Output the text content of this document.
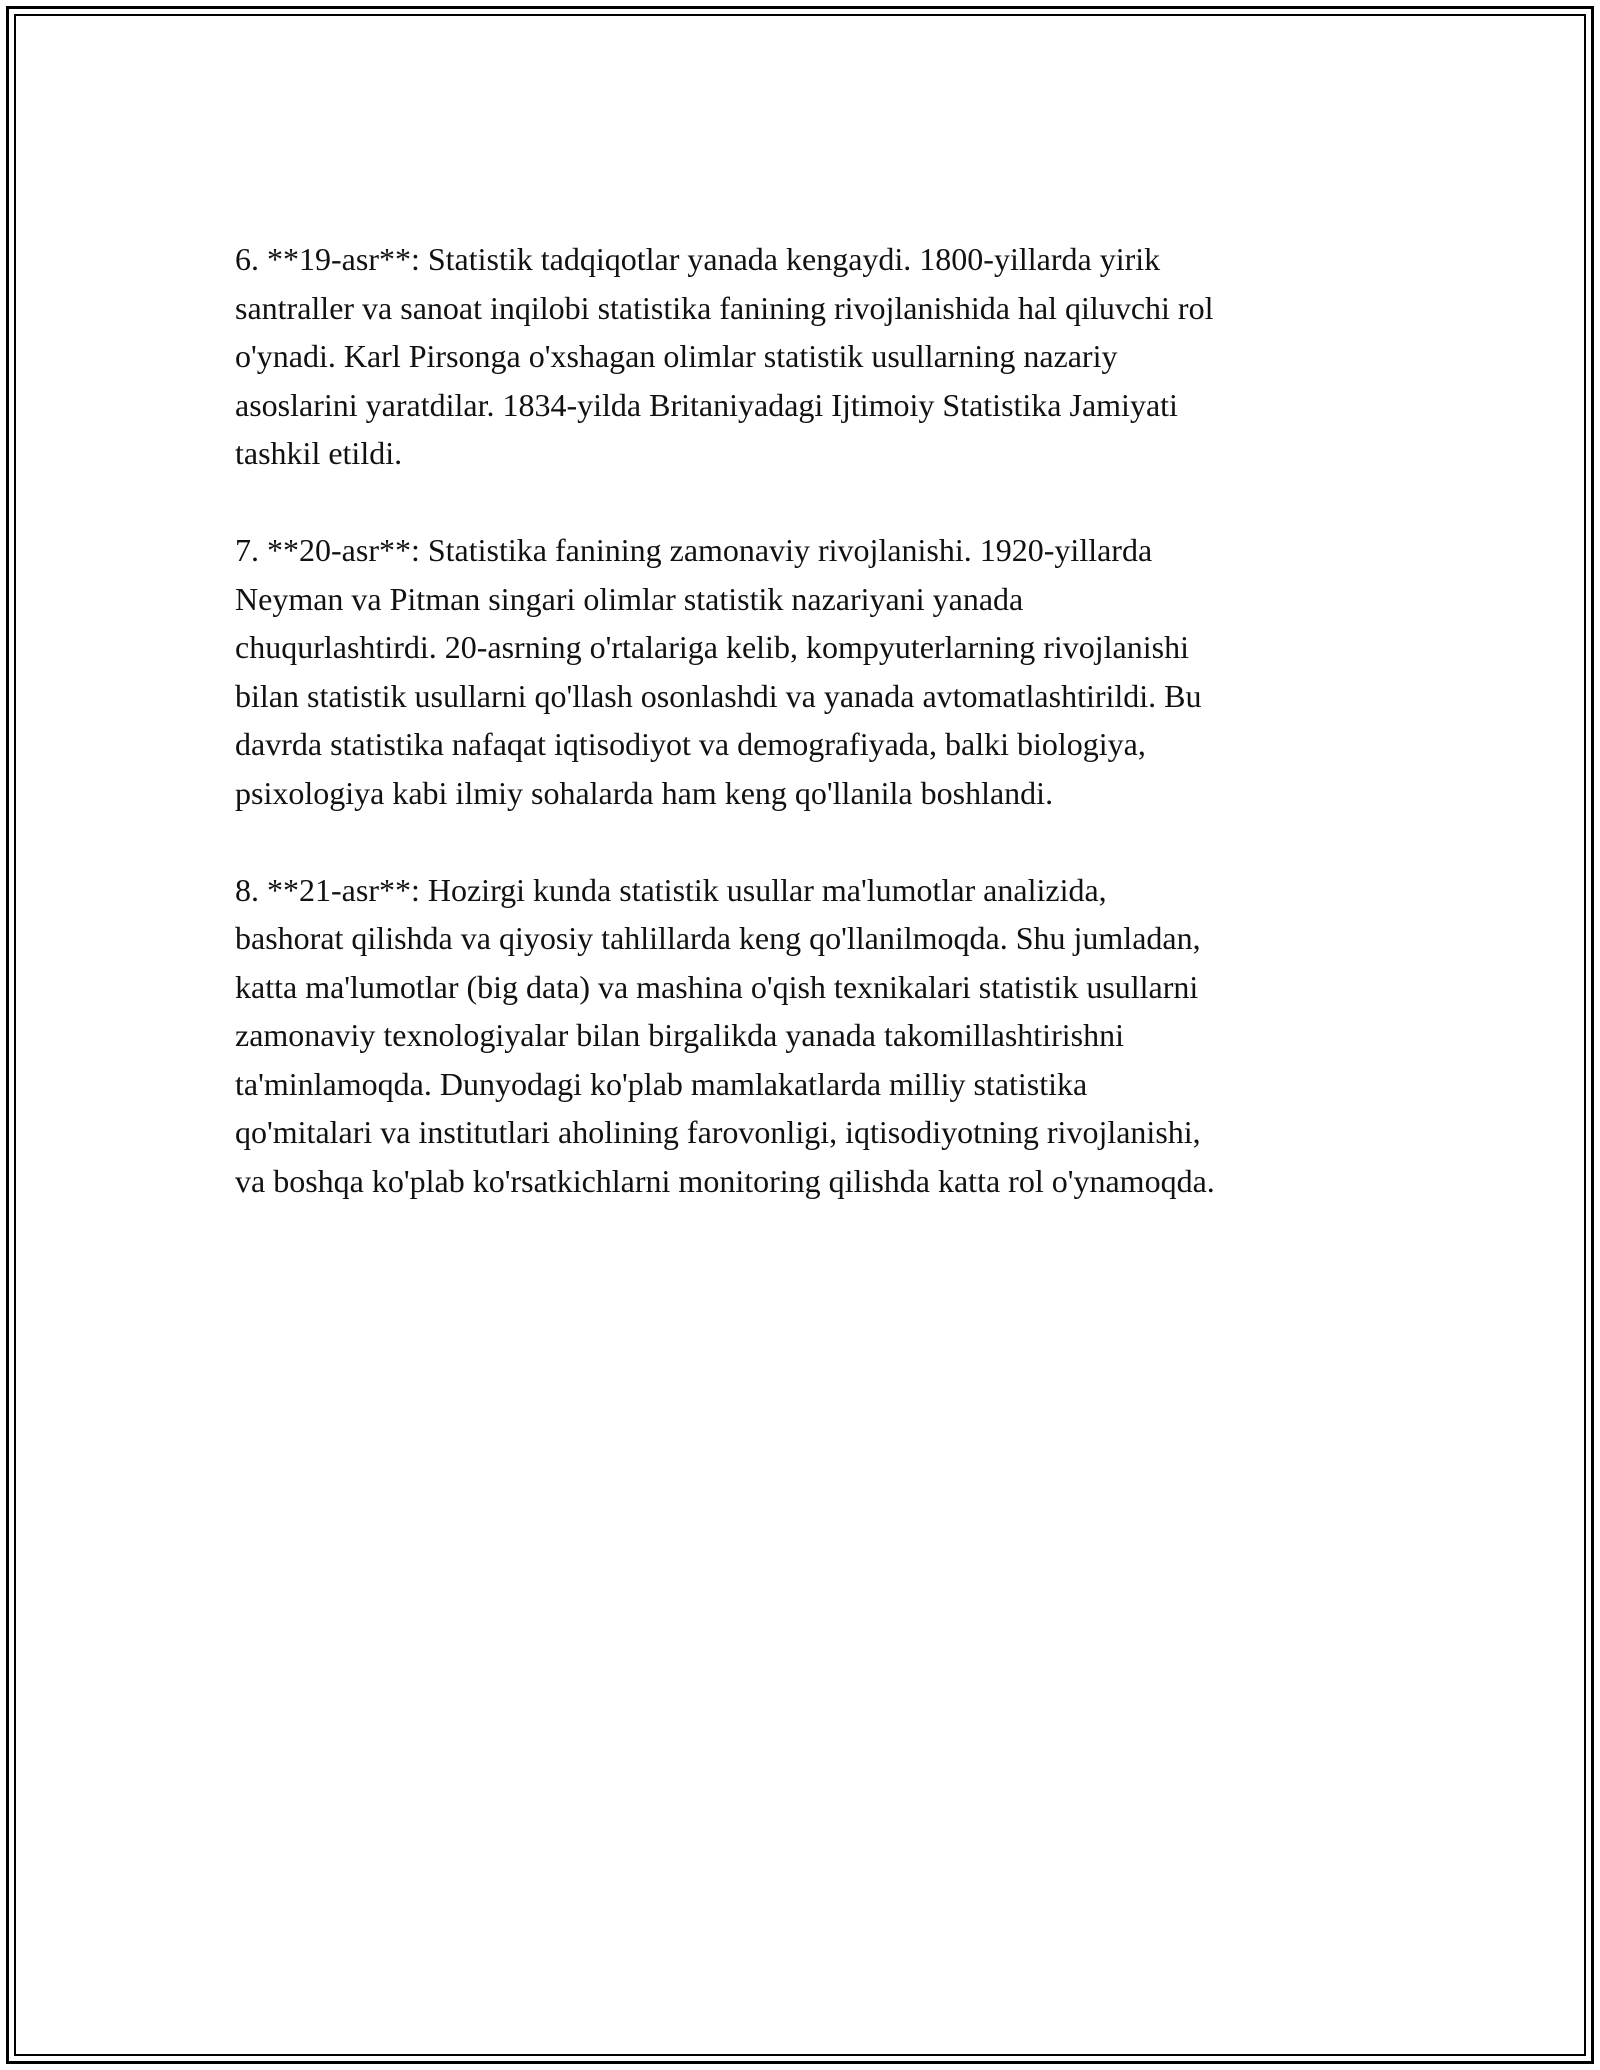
6. **19-asr**: Statistik tadqiqotlar yanada kengaydi. 1800-yillarda yirik
santraller va sanoat inqilobi statistika fanining rivojlanishida hal qiluvchi rol
o'ynadi. Karl Pirsonga o'xshagan olimlar statistik usullarning nazariy
asoslarini yaratdilar. 1834-yilda Britaniyadagi Ijtimoiy Statistika Jamiyati
tashkil etildi.

7. **20-asr**: Statistika fanining zamonaviy rivojlanishi. 1920-yillarda
Neyman va Pitman singari olimlar statistik nazariyani yanada
chuqurlashtirdi. 20-asrning o'rtalariga kelib, kompyuterlarning rivojlanishi
bilan statistik usullarni qo'llash osonlashdi va yanada avtomatlashtirildi. Bu
davrda statistika nafaqat iqtisodiyot va demografiyada, balki biologiya,
psixologiya kabi ilmiy sohalarda ham keng qo'llanila boshlandi.

8. **21-asr**: Hozirgi kunda statistik usullar ma'lumotlar analizida,
bashorat qilishda va qiyosiy tahlillarda keng qo'llanilmoqda. Shu jumladan,
katta ma'lumotlar (big data) va mashina o'qish texnikalari statistik usullarni
zamonaviy texnologiyalar bilan birgalikda yanada takomillashtirishni
ta'minlamoqda. Dunyodagi ko'plab mamlakatlarda milliy statistika
qo'mitalari va institutlari aholining farovonligi, iqtisodiyotning rivojlanishi,
va boshqa ko'plab ko'rsatkichlarni monitoring qilishda katta rol o'ynamoqda.
